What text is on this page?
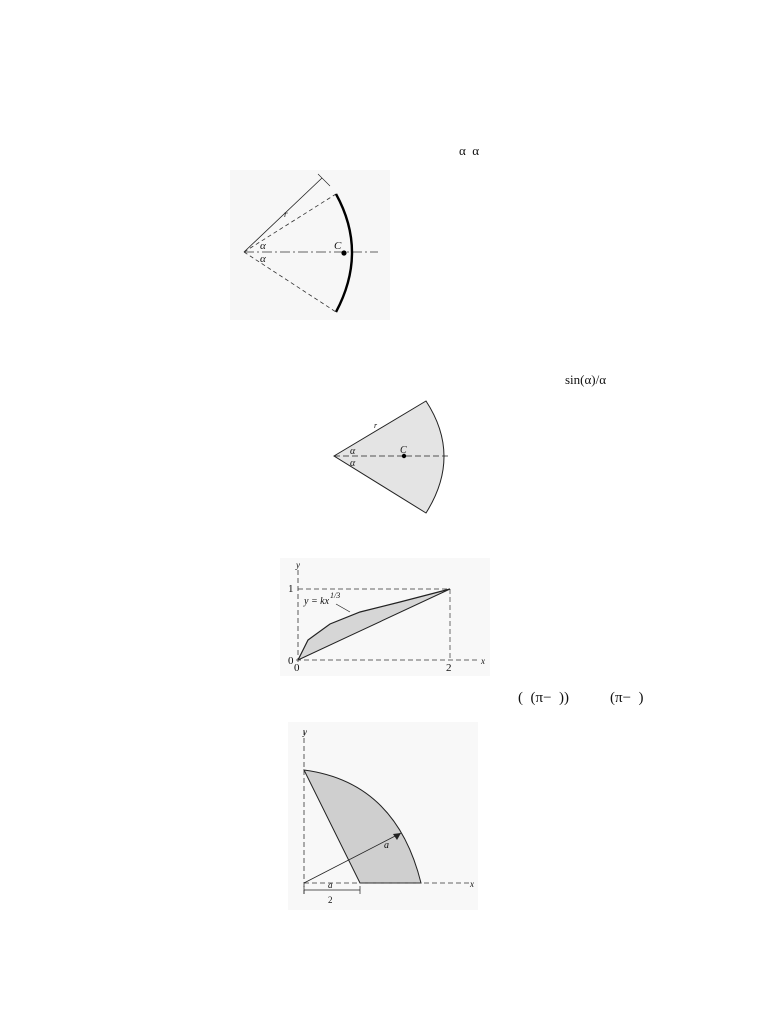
α  α
r
α
α
C
sin(α)/α
r
α
α
C
y
x
1
0
0	2
y = kx
1/3
(  (π−  ))	(π−  )
y
x
a
a
2
